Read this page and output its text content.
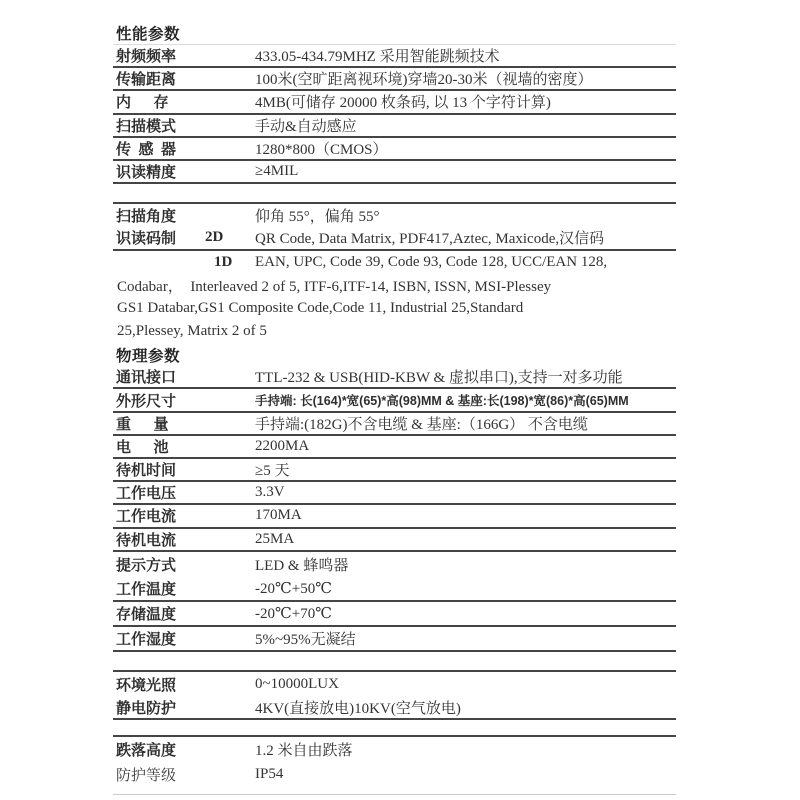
性能参数
射频频率	433.05-434.79MHZ 采用智能跳频技术
传输距离	100米(空旷距离视环境)穿墙20-30米（视墙的密度）
内      存	4MB(可储存 20000 枚条码, 以 13 个字符计算)
扫描模式	手动&自动感应
传  感  器	1280*800（CMOS）
识读精度	≥4MIL
扫描角度	仰角 55°，偏角 55°
识读码制	2D QR Code, Data Matrix, PDF417,Aztec, Maxicode,汉信码
1D EAN, UPC, Code 39, Code 93, Code 128, UCC/EAN 128,
Codabar，  Interleaved 2 of 5, ITF-6,ITF-14, ISBN, ISSN, MSI-Plessey
GS1 Databar,GS1 Composite Code,Code 11, Industrial 25,Standard
25,Plessey, Matrix 2 of 5
物理参数
通讯接口	TTL-232 & USB(HID-KBW & 虚拟串口),支持一对多功能
外形尺寸	手持端: 长(164)*宽(65)*高(98)MM & 基座:长(198)*宽(86)*高(65)MM
重      量	手持端:(182G)不含电缆 & 基座:（166G） 不含电缆
电      池	2200MA
待机时间	≥5 天
工作电压	3.3V
工作电流	170MA
待机电流	25MA
提示方式	LED & 蜂鸣器
工作温度	-20℃+50℃
存储温度	-20℃+70℃
工作湿度	5%~95%无凝结
环境光照	0~10000LUX
静电防护	4KV(直接放电)10KV(空气放电)
跌落高度	1.2 米自由跌落
防护等级	IP54
